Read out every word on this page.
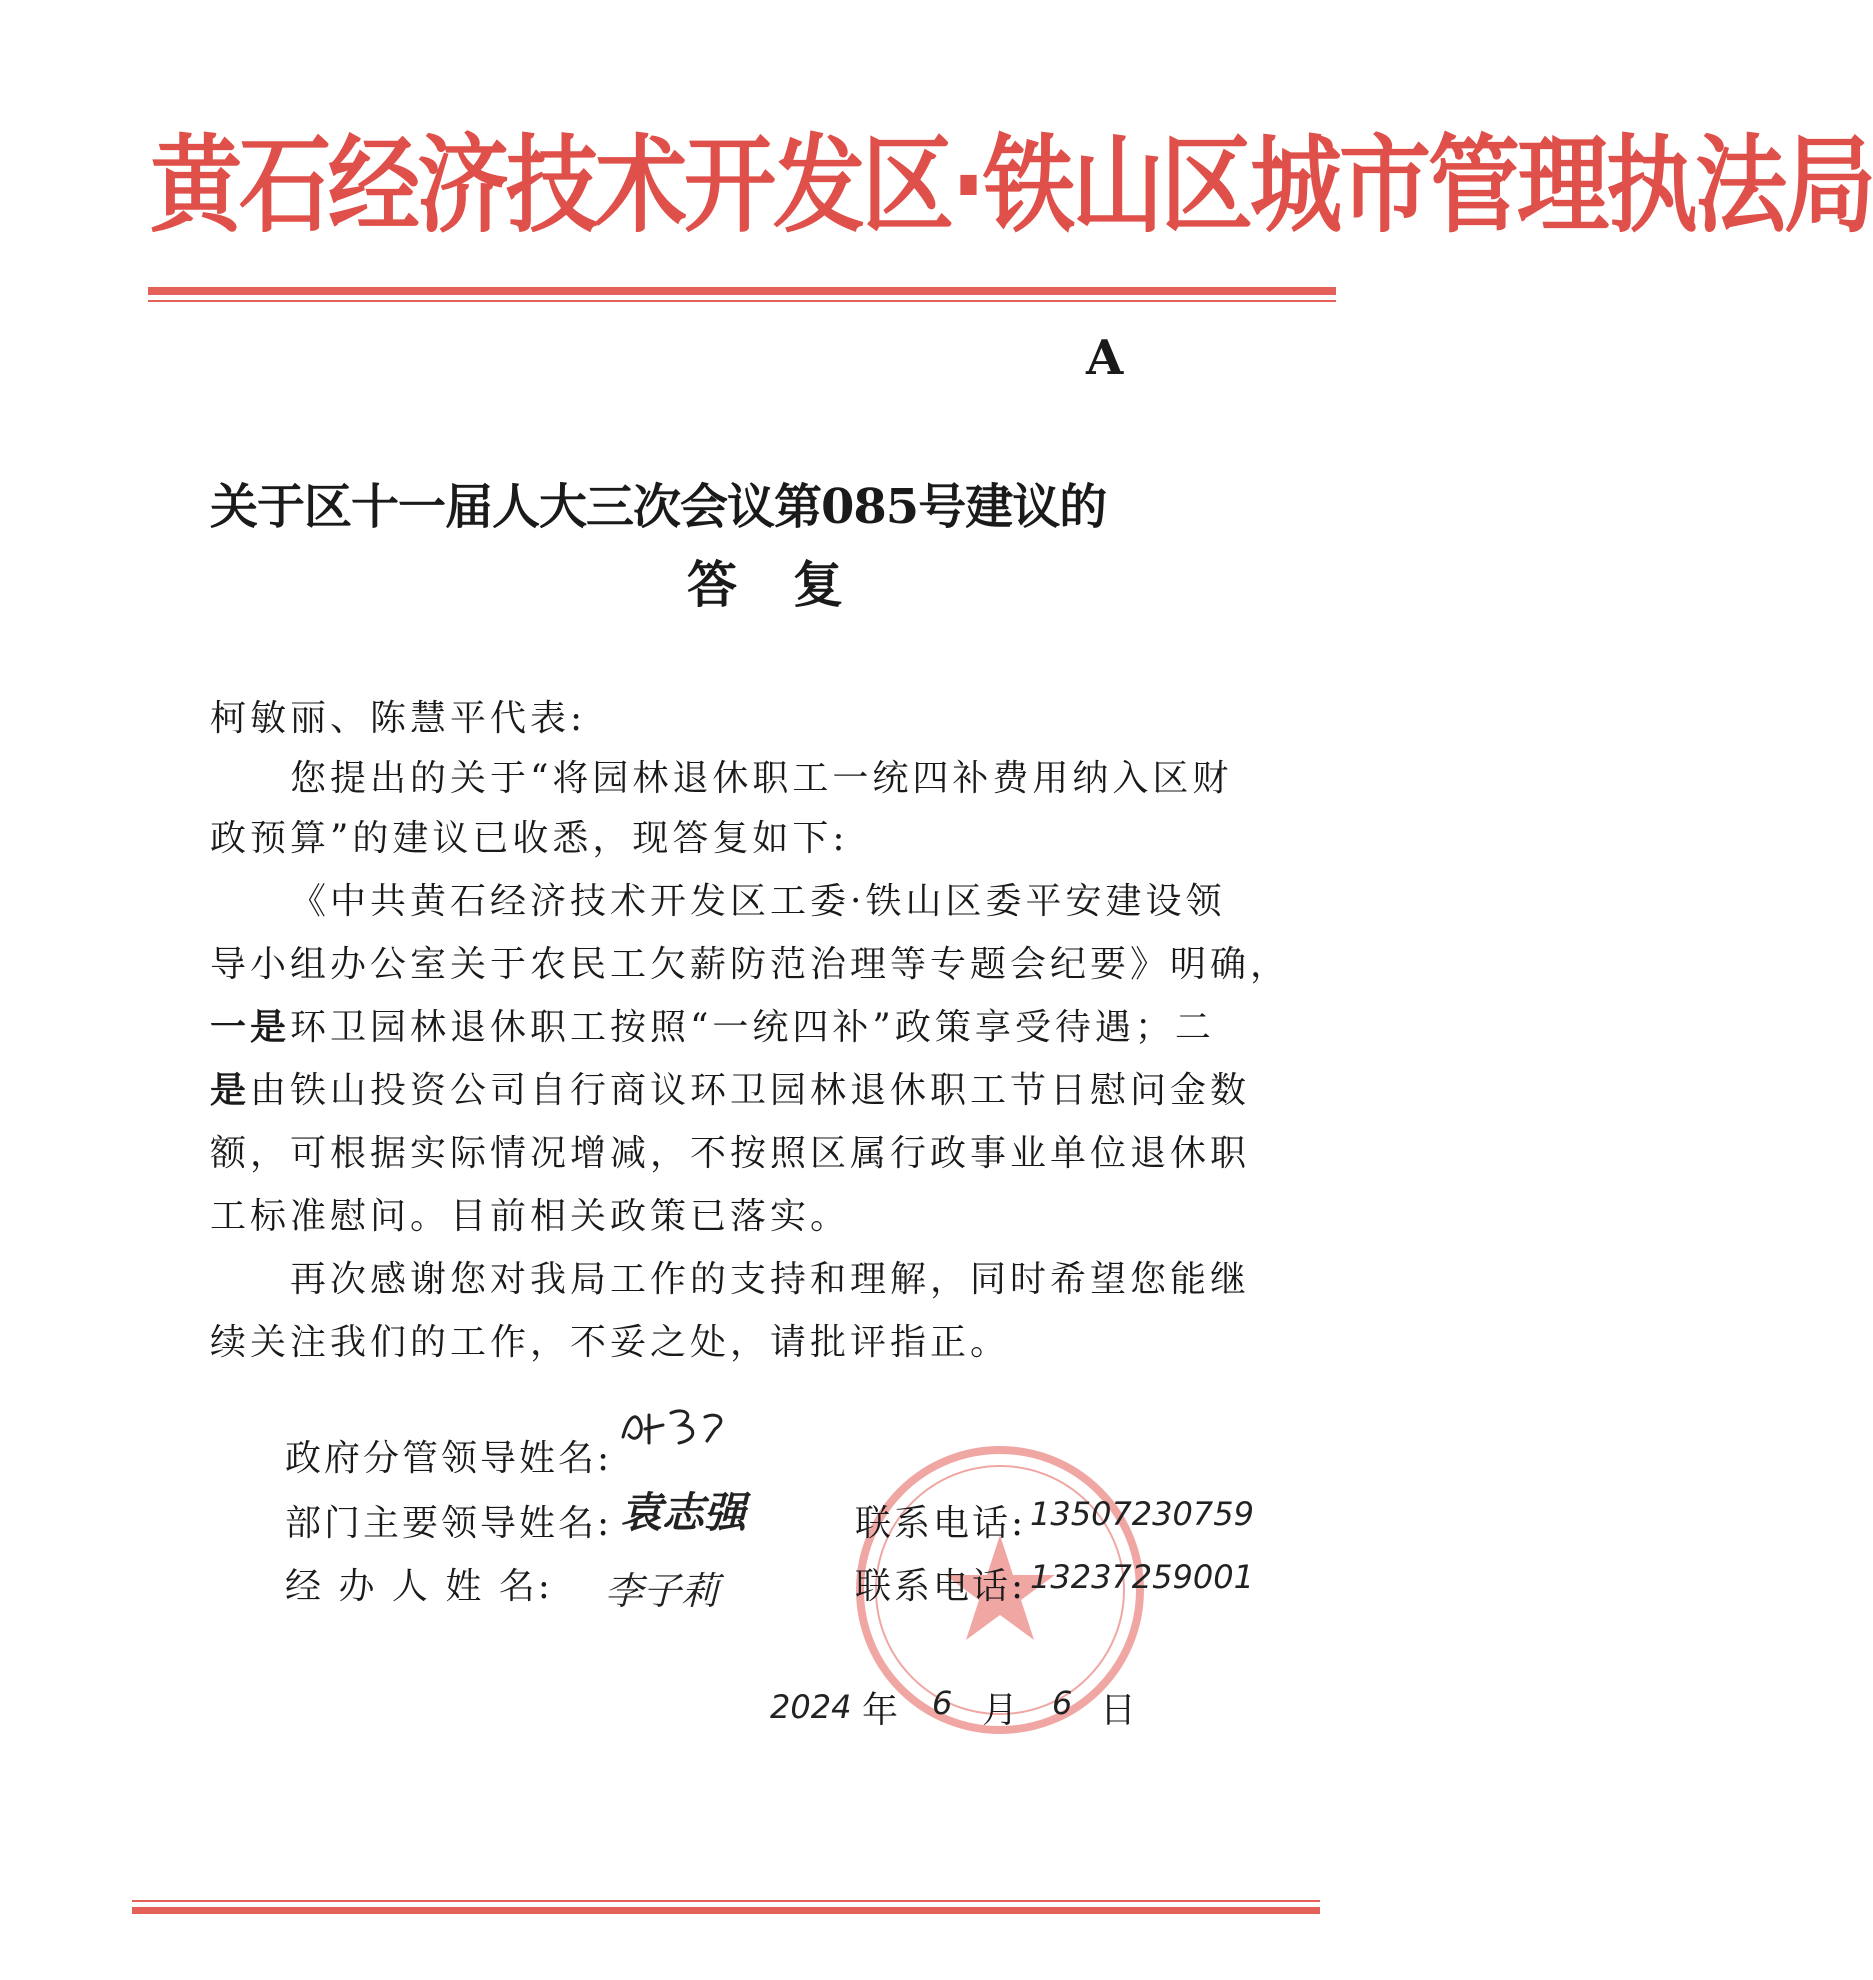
黄石经济技术开发区·铁山区城市管理执法局
A
关于区十一届人大三次会议第085号建议的
答复
柯敏丽、陈慧平代表:
您提出的关于“将园林退休职工一统四补费用纳入区财
政预算”的建议已收悉，现答复如下:
《中共黄石经济技术开发区工委·铁山区委平安建设领
导小组办公室关于农民工欠薪防范治理等专题会纪要》明确，
一是环卫园林退休职工按照“一统四补”政策享受待遇；二
是由铁山投资公司自行商议环卫园林退休职工节日慰问金数
额，可根据实际情况增减，不按照区属行政事业单位退休职
工标准慰问。目前相关政策已落实。
再次感谢您对我局工作的支持和理解，同时希望您能继
续关注我们的工作，不妥之处，请批评指正。
政府分管领导姓名:
部门主要领导姓名: 袁志强
经 办 人 姓 名: 李子莉
联系电话: 13507230759
联系电话: 13237259001
2024 年 6 月 6 日
